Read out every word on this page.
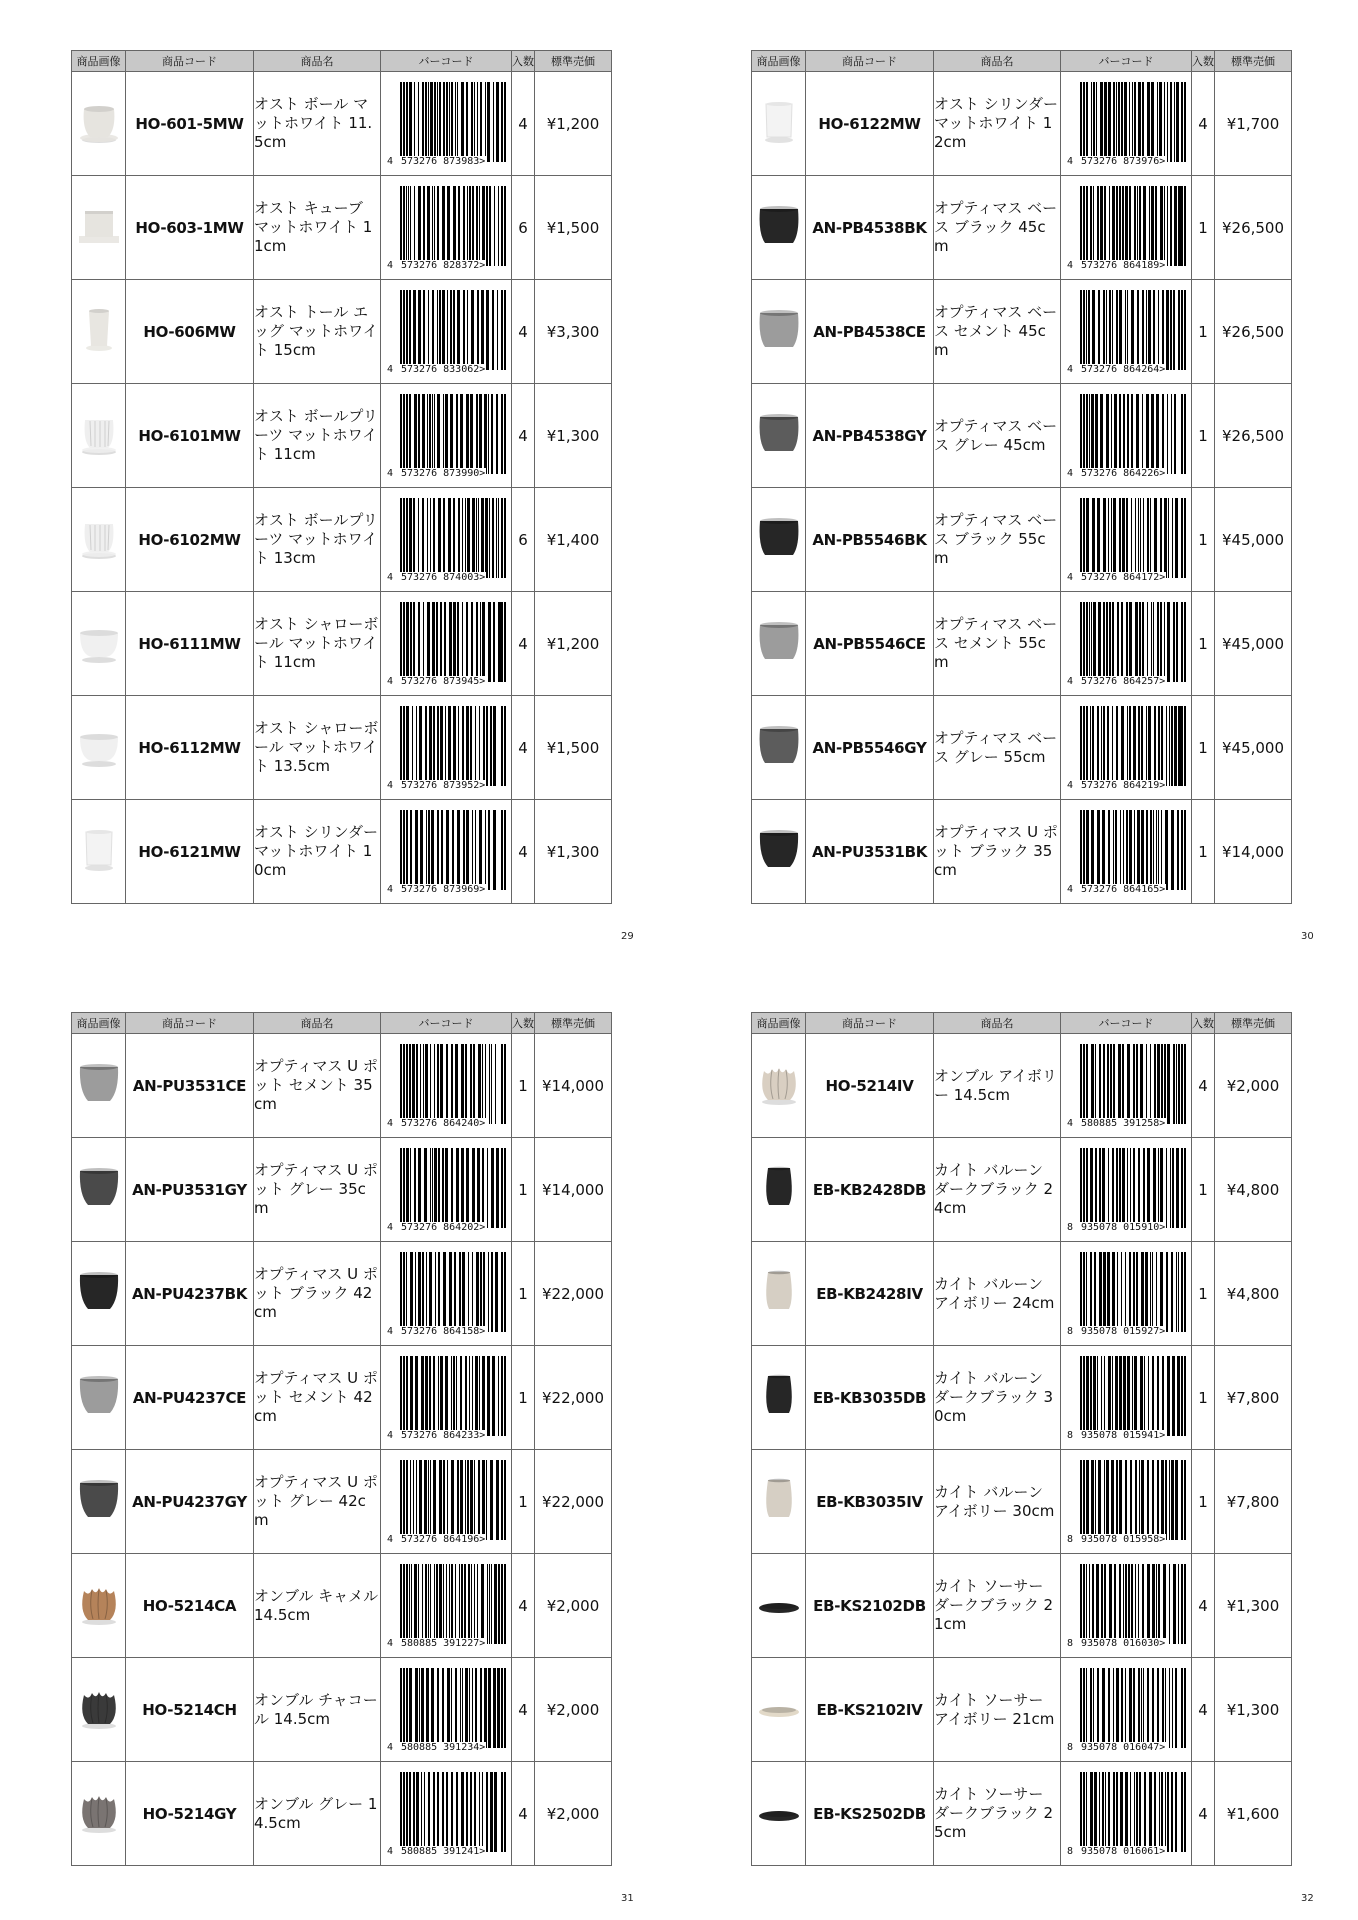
商品画像	商品コード	商品名	バーコード	入数	標準売価
	HO-601-5MW	オスト ボール マットホワイト 11.5cm	4 573276 873983>	4	¥1,200
	HO-603-1MW	オスト キューブ マットホワイト 11cm	4 573276 828372>	6	¥1,500
	HO-606MW	オスト トール エッグ マットホワイト 15cm	4 573276 833062>	4	¥3,300
	HO-6101MW	オスト ボールプリーツ マットホワイト 11cm	4 573276 873990>	4	¥1,300
	HO-6102MW	オスト ボールプリーツ マットホワイト 13cm	4 573276 874003>	6	¥1,400
	HO-6111MW	オスト シャローボール マットホワイト 11cm	4 573276 873945>	4	¥1,200
	HO-6112MW	オスト シャローボール マットホワイト 13.5cm	4 573276 873952>	4	¥1,500
	HO-6121MW	オスト シリンダー マットホワイト 10cm	4 573276 873969>	4	¥1,300
商品画像	商品コード	商品名	バーコード	入数	標準売価
	HO-6122MW	オスト シリンダー マットホワイト 12cm	4 573276 873976>	4	¥1,700
	AN-PB4538BK	オプティマス ベース ブラック 45cm	4 573276 864189>	1	¥26,500
	AN-PB4538CE	オプティマス ベース セメント 45cm	4 573276 864264>	1	¥26,500
	AN-PB4538GY	オプティマス ベース グレー 45cm	4 573276 864226>	1	¥26,500
	AN-PB5546BK	オプティマス ベース ブラック 55cm	4 573276 864172>	1	¥45,000
	AN-PB5546CE	オプティマス ベース セメント 55cm	4 573276 864257>	1	¥45,000
	AN-PB5546GY	オプティマス ベース グレー 55cm	4 573276 864219>	1	¥45,000
	AN-PU3531BK	オプティマス U ポット ブラック 35cm	4 573276 864165>	1	¥14,000
商品画像	商品コード	商品名	バーコード	入数	標準売価
	AN-PU3531CE	オプティマス U ポット セメント 35cm	4 573276 864240>	1	¥14,000
	AN-PU3531GY	オプティマス U ポット グレー 35cm	4 573276 864202>	1	¥14,000
	AN-PU4237BK	オプティマス U ポット ブラック 42cm	4 573276 864158>	1	¥22,000
	AN-PU4237CE	オプティマス U ポット セメント 42cm	4 573276 864233>	1	¥22,000
	AN-PU4237GY	オプティマス U ポット グレー 42cm	4 573276 864196>	1	¥22,000
	HO-5214CA	オンブル キャメル 14.5cm	4 580885 391227>	4	¥2,000
	HO-5214CH	オンブル チャコール 14.5cm	4 580885 391234>	4	¥2,000
	HO-5214GY	オンブル グレー 14.5cm	4 580885 391241>	4	¥2,000
商品画像	商品コード	商品名	バーコード	入数	標準売価
	HO-5214IV	オンブル アイボリー 14.5cm	4 580885 391258>	4	¥2,000
	EB-KB2428DB	カイト バルーン ダークブラック 24cm	8 935078 015910>	1	¥4,800
	EB-KB2428IV	カイト バルーン アイボリー 24cm	8 935078 015927>	1	¥4,800
	EB-KB3035DB	カイト バルーン ダークブラック 30cm	8 935078 015941>	1	¥7,800
	EB-KB3035IV	カイト バルーン アイボリー 30cm	8 935078 015958>	1	¥7,800
	EB-KS2102DB	カイト ソーサー ダークブラック 21cm	8 935078 016030>	4	¥1,300
	EB-KS2102IV	カイト ソーサー アイボリー 21cm	8 935078 016047>	4	¥1,300
	EB-KS2502DB	カイト ソーサー ダークブラック 25cm	8 935078 016061>	4	¥1,600
29	30
31	32
